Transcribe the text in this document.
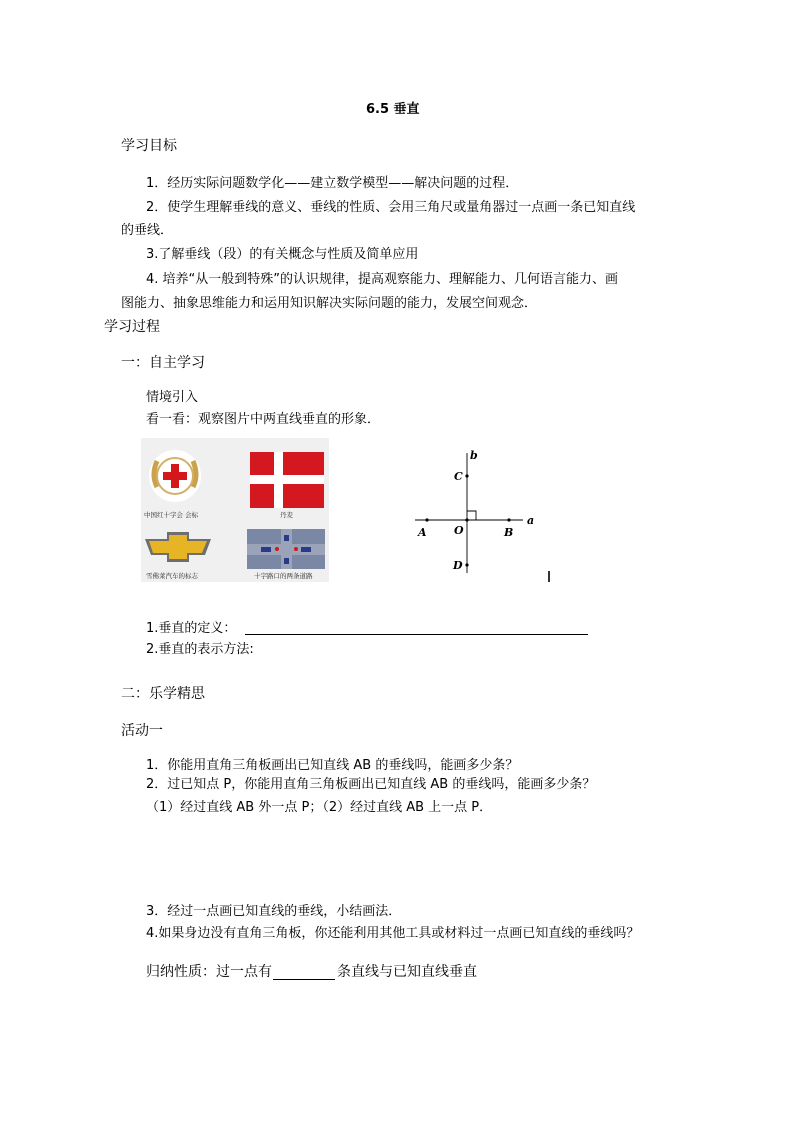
6.5 垂直
学习目标
1．经历实际问题数学化——建立数学模型——解决问题的过程．
2．使学生理解垂线的意义、垂线的性质、会用三角尺或量角器过一点画一条已知直线
的垂线．
3.了解垂线（段）的有关概念与性质及简单应用
4. 培养“从一般到特殊”的认识规律，提高观察能力、理解能力、几何语言能力、画
图能力、抽象思维能力和运用知识解决实际问题的能力，发展空间观念．
学习过程
一：自主学习
情境引入
看一看：观察图片中两直线垂直的形象．
中国红十字会 会标	丹麦
雪佛莱汽车的标志	十字路口的两条道路
b
C
a
A O	B
D
1.垂直的定义：
2.垂直的表示方法:
二：乐学精思
活动一
1．你能用直角三角板画出已知直线 AB 的垂线吗，能画多少条？
2．过已知点 P，你能用直角三角板画出已知直线 AB 的垂线吗，能画多少条？
（1）经过直线 AB 外一点 P；（2）经过直线 AB 上一点 P．
3．经过一点画已知直线的垂线，小结画法．
4.如果身边没有直角三角板，你还能利用其他工具或材料过一点画已知直线的垂线吗？
归纳性质：过一点有	条直线与已知直线垂直
